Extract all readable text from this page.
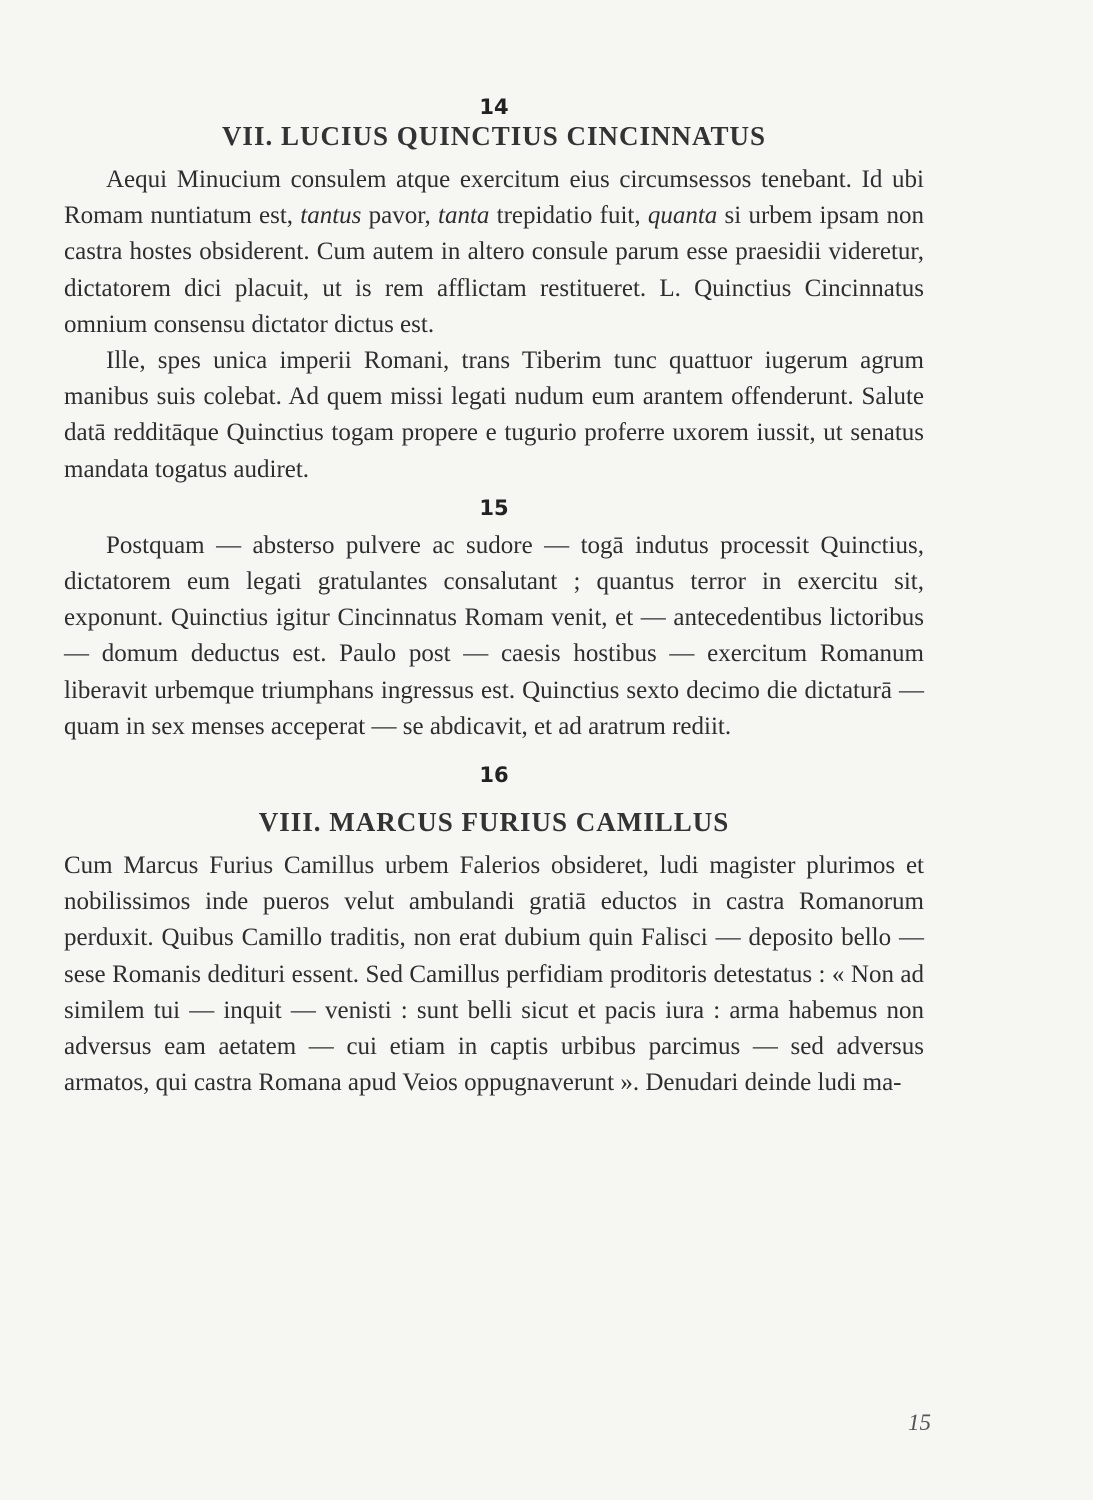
14

VII. LUCIUS QUINCTIUS CINCINNATUS

Aequi Minucium consulem atque exercitum eius circumsessos tenebant. Id ubi Romam nuntiatum est, tantus pavor, tanta trepidatio fuit, quanta si urbem ipsam non castra hostes obsiderent. Cum autem in altero consule parum esse praesidii videretur, dictatorem dici placuit, ut is rem afflictam restitueret. L. Quinctius Cincinnatus omnium consensu dictator dictus est.

Ille, spes unica imperii Romani, trans Tiberim tunc quattuor iugerum agrum manibus suis colebat. Ad quem missi legati nudum eum arantem offenderunt. Salute datā redditāque Quinctius togam propere e tugurio proferre uxorem iussit, ut senatus mandata togatus audiret.

15

Postquam — absterso pulvere ac sudore — togā indutus processit Quinctius, dictatorem eum legati gratulantes consalutant ; quantus terror in exercitu sit, exponunt. Quinctius igitur Cincinnatus Romam venit, et — antecedentibus lictoribus — domum deductus est. Paulo post — caesis hostibus — exercitum Romanum liberavit urbemque triumphans ingressus est. Quinctius sexto decimo die dictaturā — quam in sex menses acceperat — se abdicavit, et ad aratrum rediit.

16

VIII. MARCUS FURIUS CAMILLUS

Cum Marcus Furius Camillus urbem Falerios obsideret, ludi magister plurimos et nobilissimos inde pueros velut ambulandi gratiā eductos in castra Romanorum perduxit. Quibus Camillo traditis, non erat dubium quin Falisci — deposito bello — sese Romanis dedituri essent. Sed Camillus perfidiam proditoris detestatus : « Non ad similem tui — inquit — venisti : sunt belli sicut et pacis iura : arma habemus non adversus eam aetatem — cui etiam in captis urbibus parcimus — sed adversus armatos, qui castra Romana apud Veios oppugnaverunt ». Denudari deinde ludi ma-

15
